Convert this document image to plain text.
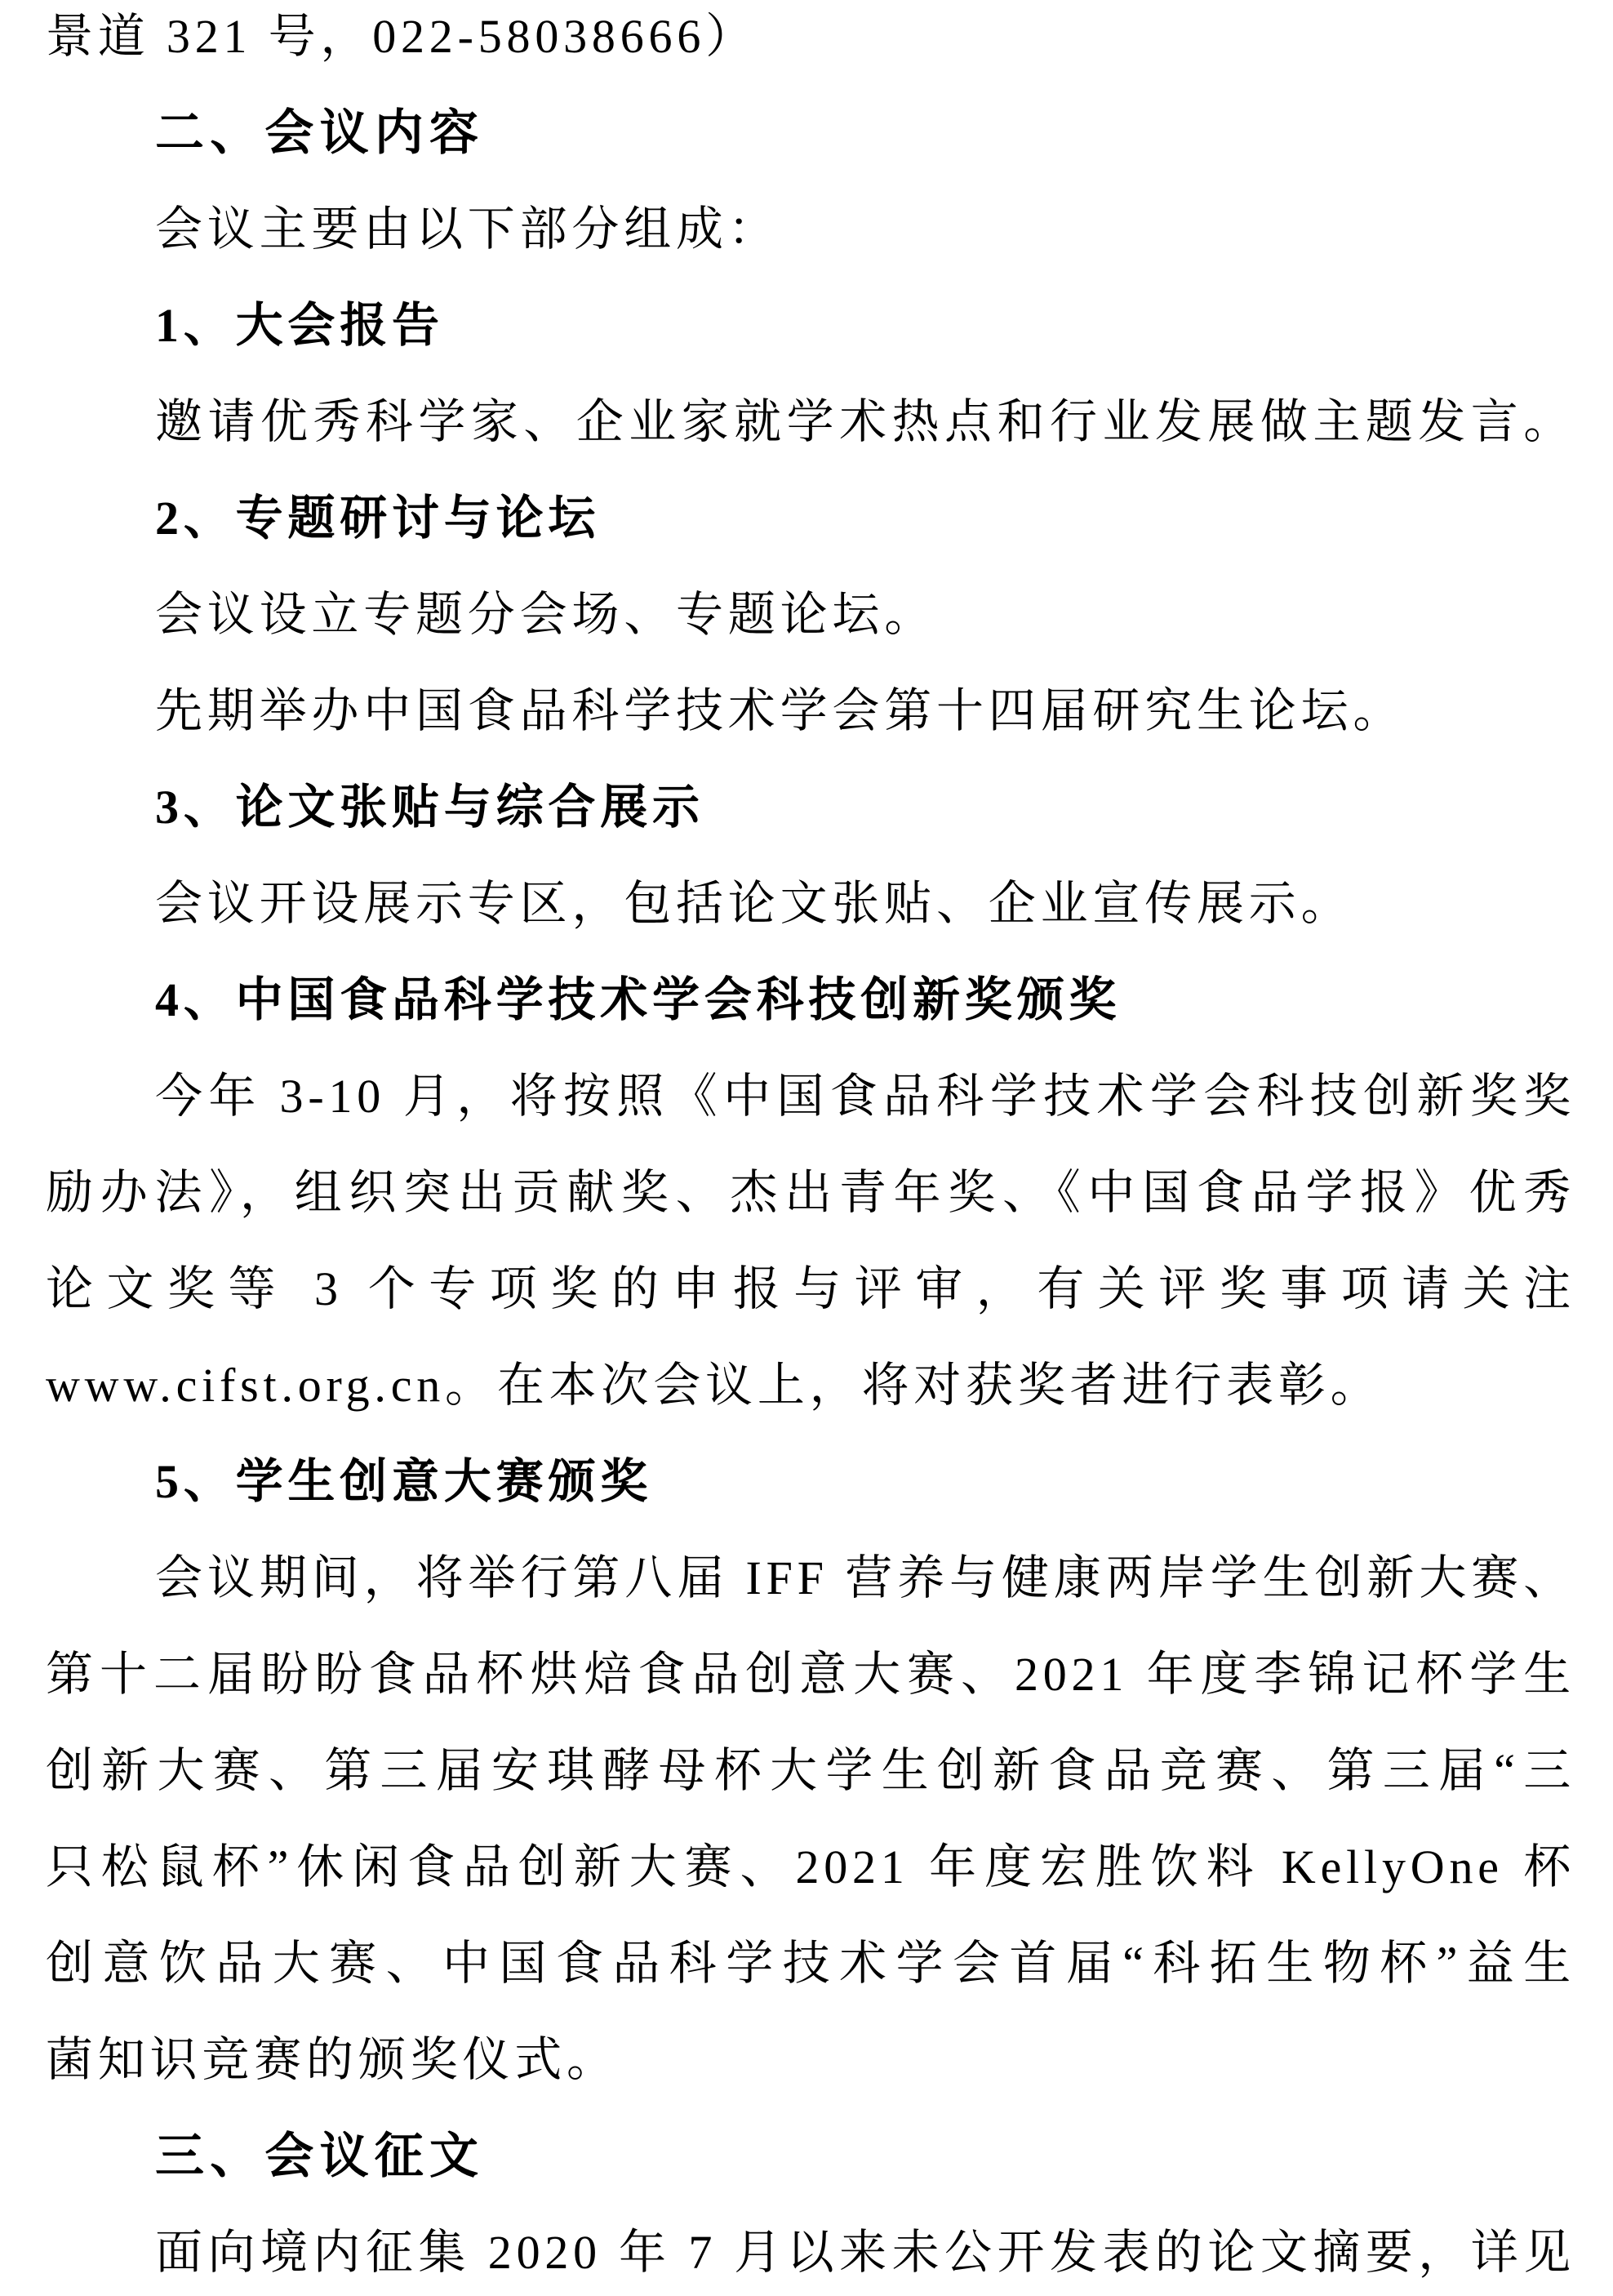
景道 321 号，022-58038666）
二、会议内容
会议主要由以下部分组成：
1、大会报告
邀请优秀科学家、企业家就学术热点和行业发展做主题发言。
2、专题研讨与论坛
会议设立专题分会场、专题论坛。
先期举办中国食品科学技术学会第十四届研究生论坛。
3、论文张贴与综合展示
会议开设展示专区，包括论文张贴、企业宣传展示。
4、中国食品科学技术学会科技创新奖颁奖
今年 3-10 月，将按照《中国食品科学技术学会科技创新奖奖
励办法》，组织突出贡献奖、杰出青年奖、《中国食品学报》优秀
论文奖等 3 个专项奖的申报与评审，有关评奖事项请关注
www.cifst.org.cn。在本次会议上，将对获奖者进行表彰。
5、学生创意大赛颁奖
会议期间，将举行第八届 IFF 营养与健康两岸学生创新大赛、
第十二届盼盼食品杯烘焙食品创意大赛、2021 年度李锦记杯学生
创新大赛、第三届安琪酵母杯大学生创新食品竞赛、第三届“三
只松鼠杯”休闲食品创新大赛、2021 年度宏胜饮料 KellyOne 杯
创意饮品大赛、中国食品科学技术学会首届“科拓生物杯”益生
菌知识竞赛的颁奖仪式。
三、会议征文
面向境内征集 2020 年 7 月以来未公开发表的论文摘要，详见
